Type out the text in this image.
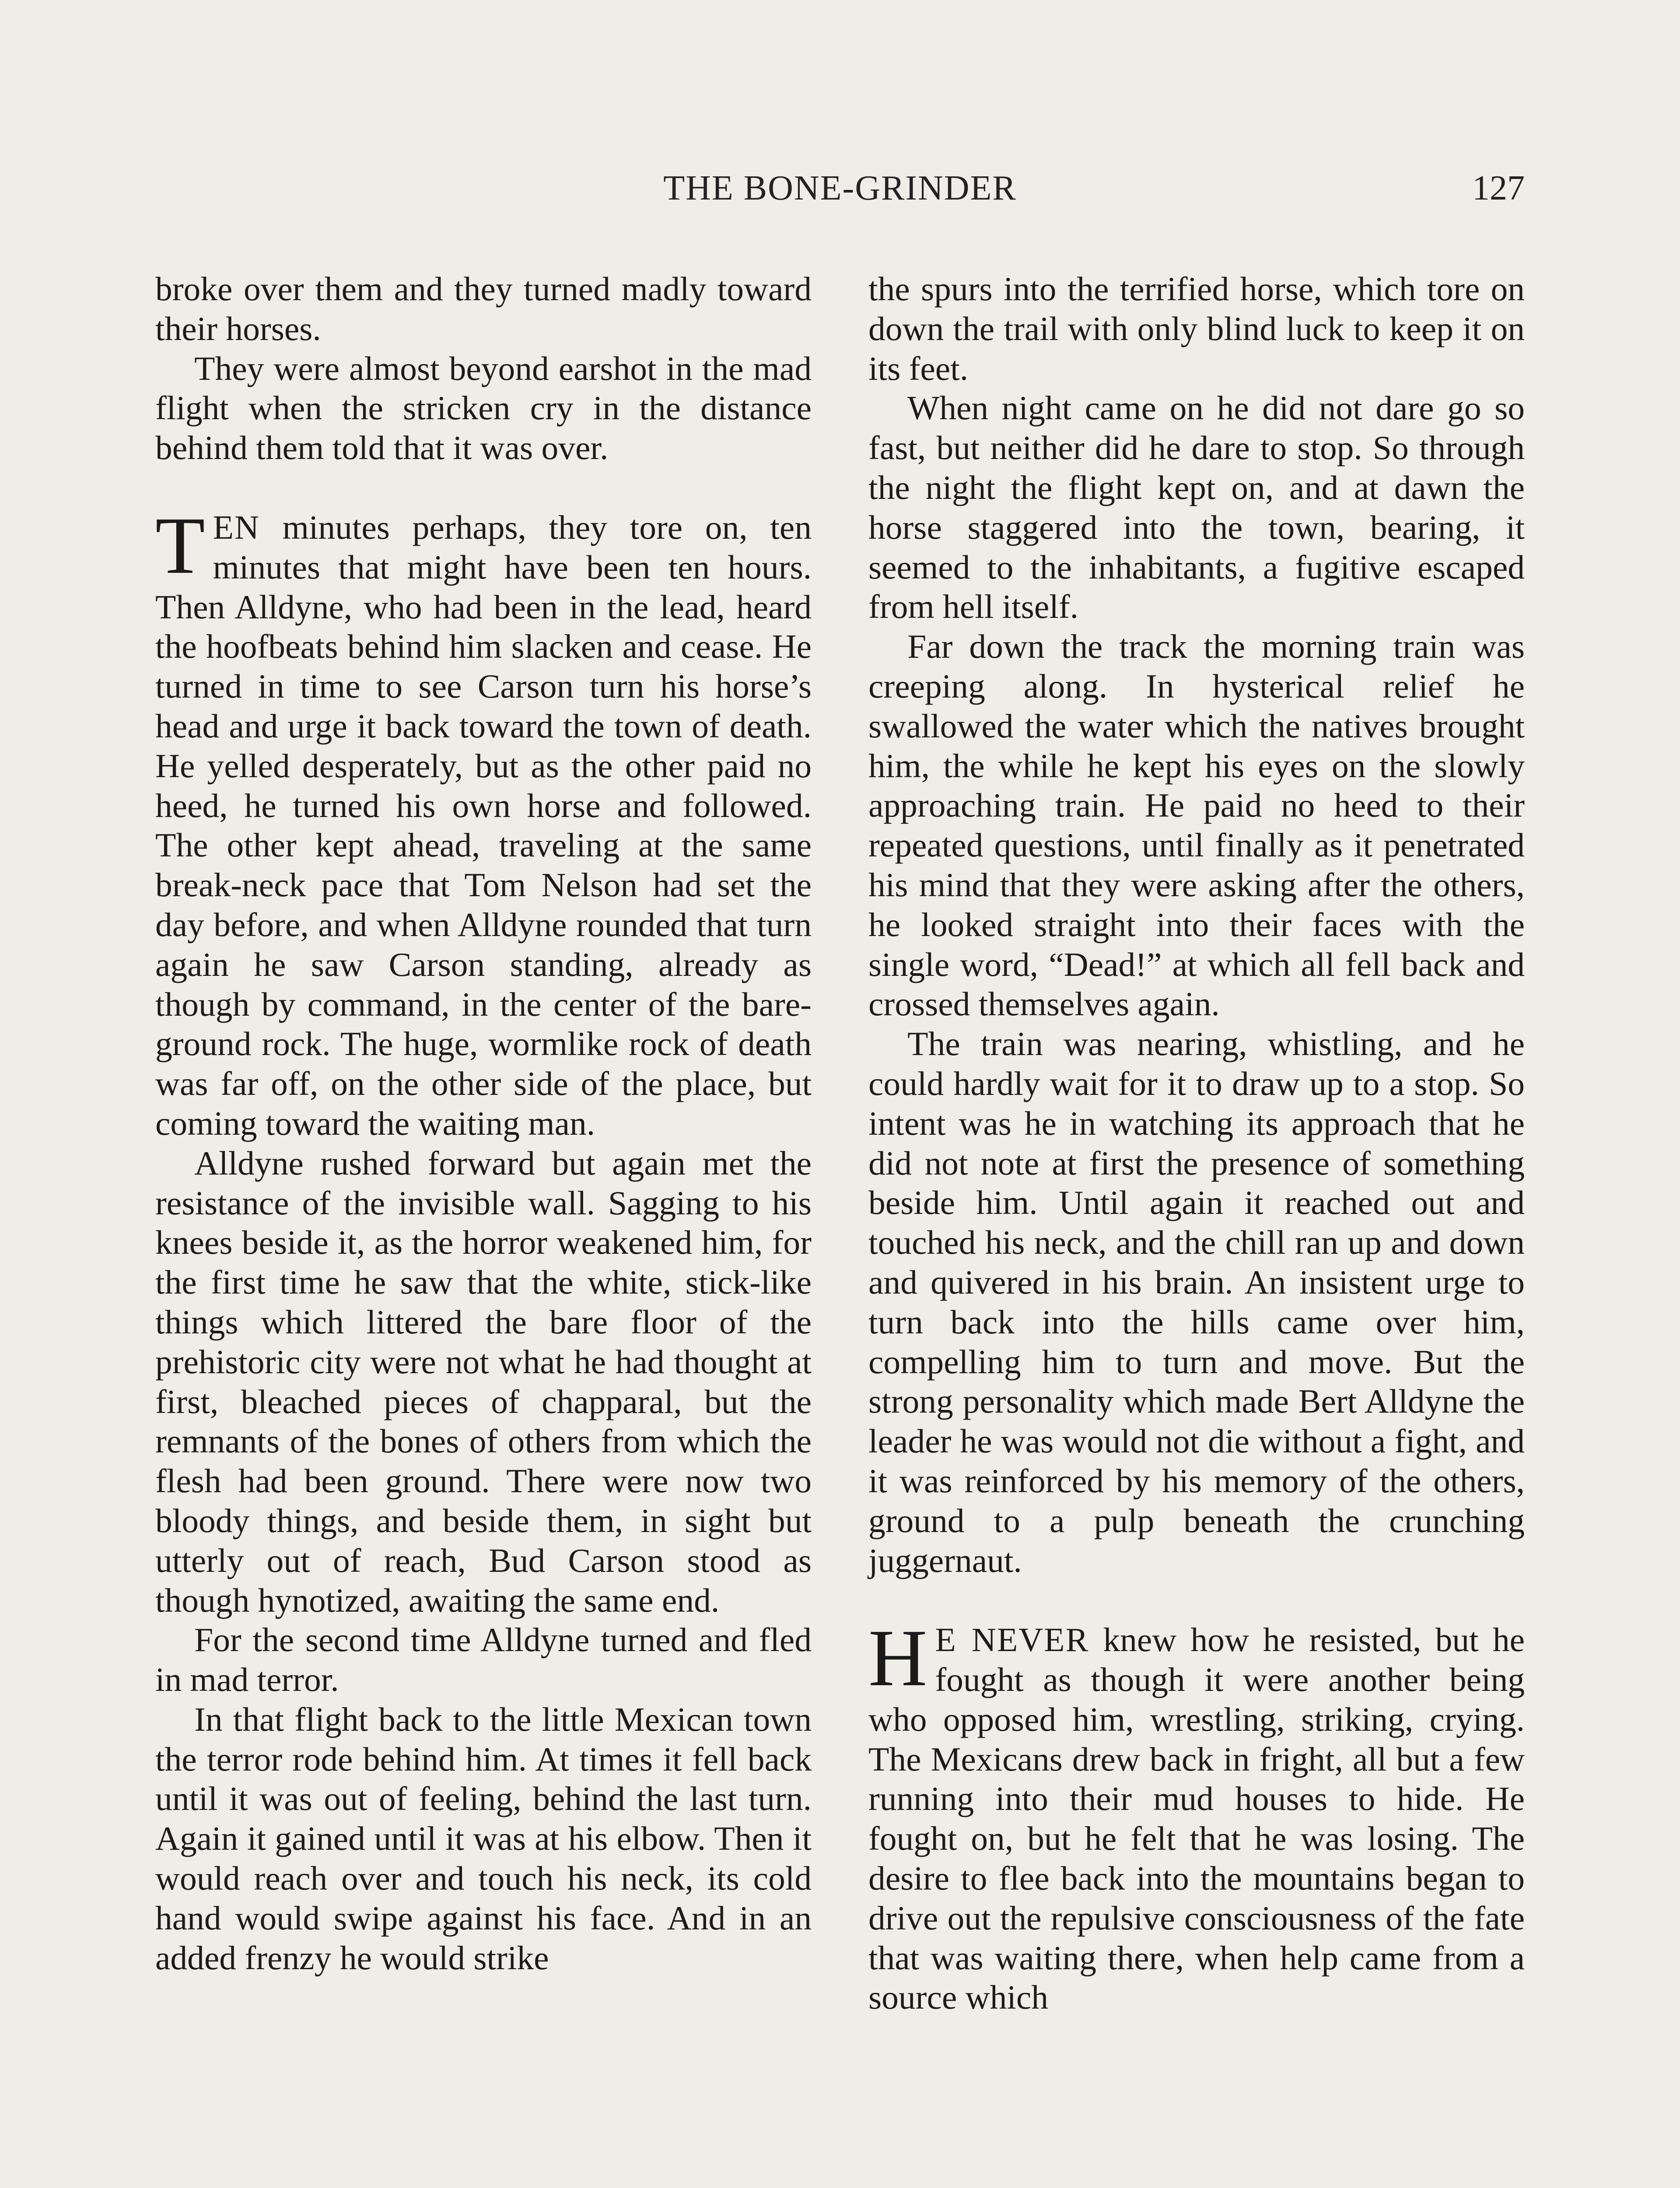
THE BONE-GRINDER	127

broke over them and they turned madly toward their horses.

They were almost beyond earshot in the mad flight when the stricken cry in the distance behind them told that it was over.

TEN minutes perhaps, they tore on, ten minutes that might have been ten hours. Then Alldyne, who had been in the lead, heard the hoofbeats behind him slacken and cease. He turned in time to see Carson turn his horse’s head and urge it back toward the town of death. He yelled desperately, but as the other paid no heed, he turned his own horse and followed. The other kept ahead, traveling at the same break-neck pace that Tom Nelson had set the day before, and when Alldyne rounded that turn again he saw Carson standing, already as though by command, in the center of the bare-ground rock. The huge, wormlike rock of death was far off, on the other side of the place, but coming toward the waiting man.

Alldyne rushed forward but again met the resistance of the invisible wall. Sagging to his knees beside it, as the horror weakened him, for the first time he saw that the white, stick-like things which littered the bare floor of the prehistoric city were not what he had thought at first, bleached pieces of chapparal, but the remnants of the bones of others from which the flesh had been ground. There were now two bloody things, and beside them, in sight but utterly out of reach, Bud Carson stood as though hynotized, awaiting the same end.

For the second time Alldyne turned and fled in mad terror.

In that flight back to the little Mexican town the terror rode behind him. At times it fell back until it was out of feeling, behind the last turn. Again it gained until it was at his elbow. Then it would reach over and touch his neck, its cold hand would swipe against his face. And in an added frenzy he would strike

the spurs into the terrified horse, which tore on down the trail with only blind luck to keep it on its feet.

When night came on he did not dare go so fast, but neither did he dare to stop. So through the night the flight kept on, and at dawn the horse staggered into the town, bearing, it seemed to the inhabitants, a fugitive escaped from hell itself.

Far down the track the morning train was creeping along. In hysterical relief he swallowed the water which the natives brought him, the while he kept his eyes on the slowly approaching train. He paid no heed to their repeated questions, until finally as it penetrated his mind that they were asking after the others, he looked straight into their faces with the single word, “Dead!” at which all fell back and crossed themselves again.

The train was nearing, whistling, and he could hardly wait for it to draw up to a stop. So intent was he in watching its approach that he did not note at first the presence of something beside him. Until again it reached out and touched his neck, and the chill ran up and down and quivered in his brain. An insistent urge to turn back into the hills came over him, compelling him to turn and move. But the strong personality which made Bert Alldyne the leader he was would not die without a fight, and it was reinforced by his memory of the others, ground to a pulp beneath the crunching juggernaut.

H E NEVER knew how he resisted, but he fought as though it were another being who opposed him, wrestling, striking, crying. The Mexicans drew back in fright, all but a few running into their mud houses to hide. He fought on, but he felt that he was losing. The desire to flee back into the mountains began to drive out the repulsive consciousness of the fate that was waiting there, when help came from a source which
